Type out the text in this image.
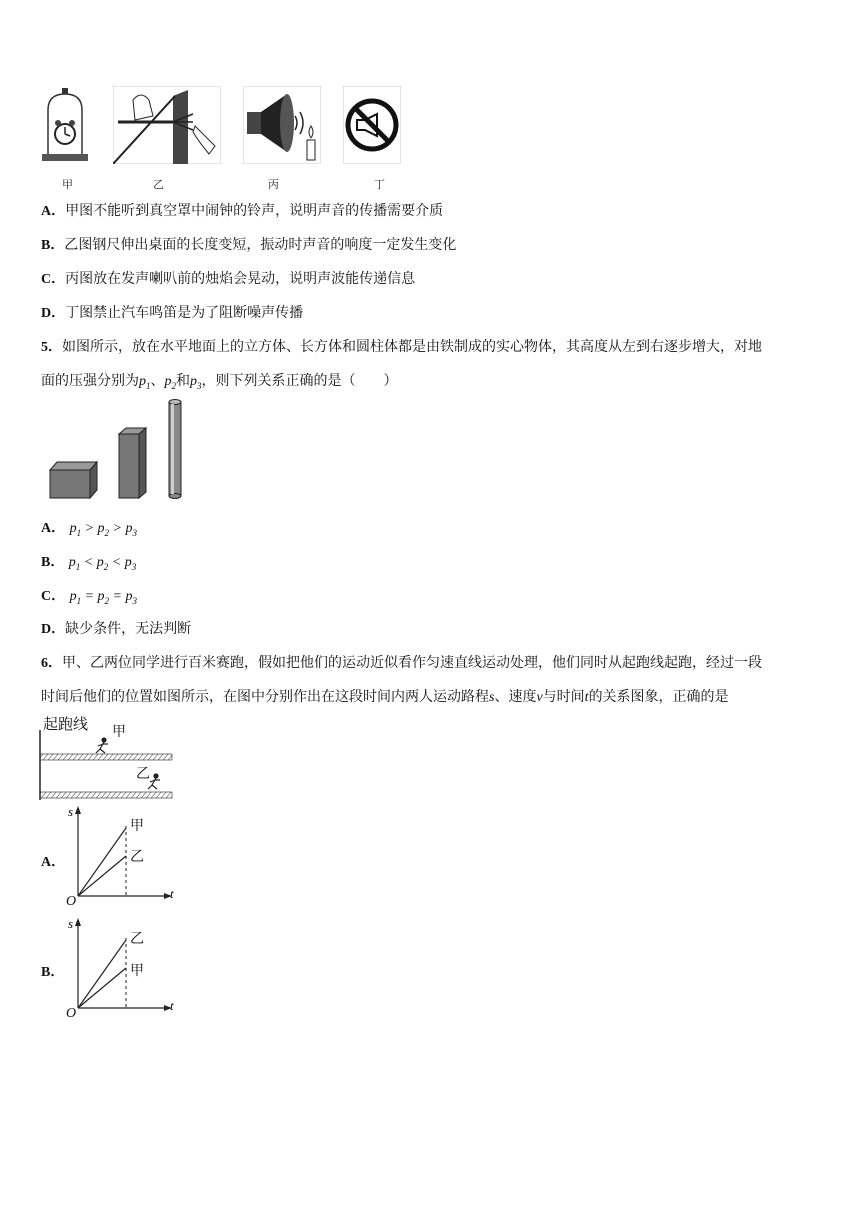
甲	乙	丙	丁
A．甲图不能听到真空罩中闹钟的铃声，说明声音的传播需要介质
B．乙图钢尺伸出桌面的长度变短，振动时声音的响度一定发生变化
C．丙图放在发声喇叭前的烛焰会晃动，说明声波能传递信息
D．丁图禁止汽车鸣笛是为了阻断噪声传播
5．如图所示，放在水平地面上的立方体、长方体和圆柱体都是由铁制成的实心物体，其高度从左到右逐步增大，对地
面的压强分别为$p_1$、$p_2$和$p_3$，则下列关系正确的是（　　）
A． $p_1 > p_2 > p_3$
B． $p_1 < p_2 < p_3$
C． $p_1 = p_2 = p_3$
D．缺少条件，无法判断
6．甲、乙两位同学进行百米赛跑，假如把他们的运动近似看作匀速直线运动处理，他们同时从起跑线起跑，经过一段
时间后他们的位置如图所示，在图中分别作出在这段时间内两人运动路程s、速度v与时间t的关系图象，正确的是
起跑线 甲
乙
A．
s
t
O
甲
乙
B．
s
t
O
乙
甲
